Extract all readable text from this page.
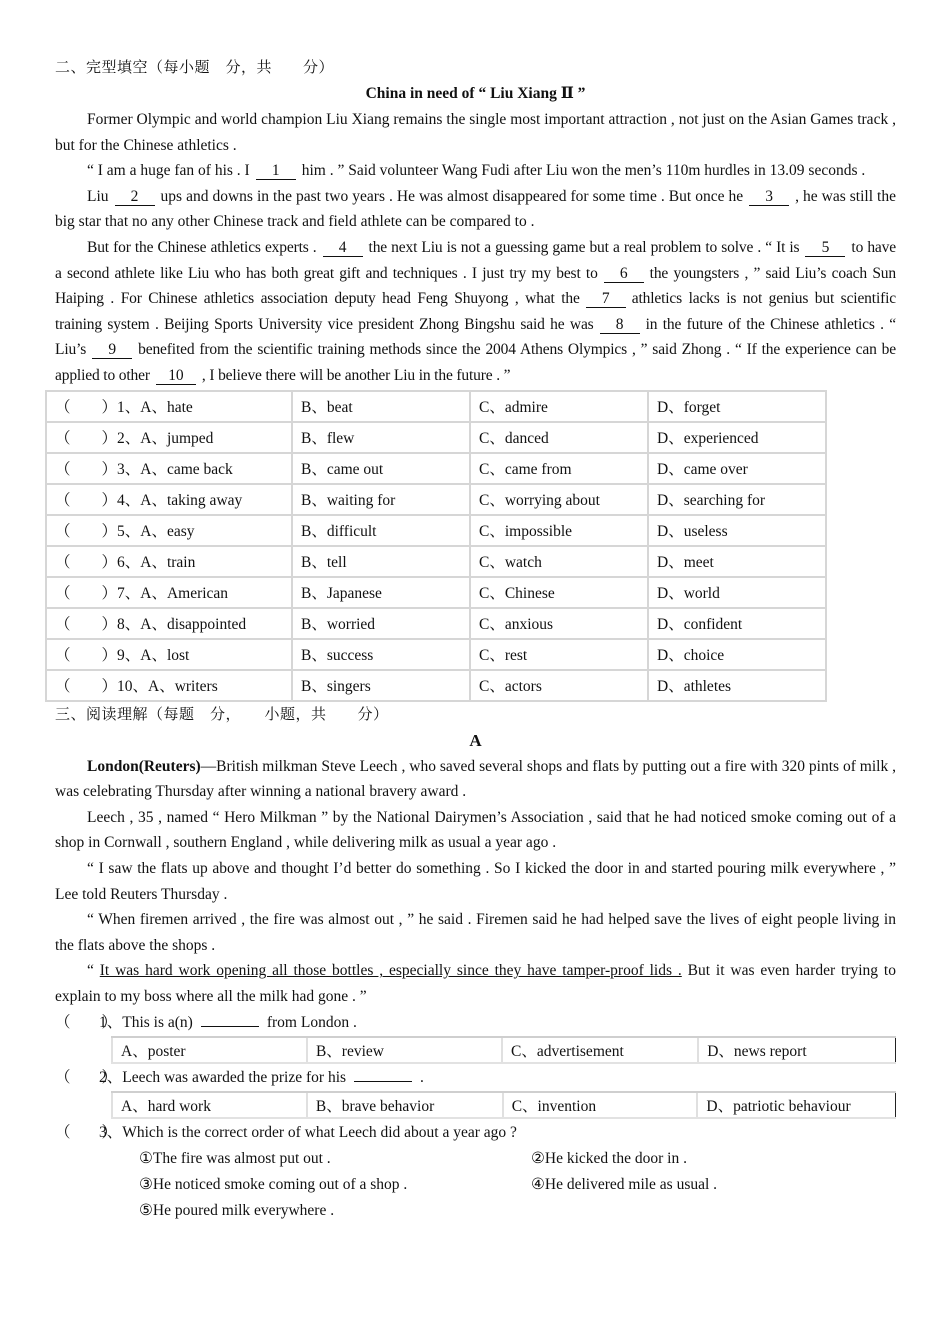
二、完型填空（每小题　分，共　　分）
China in need of “ Liu Xiang Ⅱ ”

Former Olympic and world champion Liu Xiang remains the single most important attraction , not just on the Asian Games track , but for the Chinese athletics .

“ I am a huge fan of his . I 1 him . ” Said volunteer Wang Fudi after Liu won the men’s 110m hurdles in 13.09 seconds .

Liu 2 ups and downs in the past two years . He was almost disappeared for some time . But once he 3 , he was still the big star that no any other Chinese track and field athlete can be compared to .

But for the Chinese athletics experts . 4 the next Liu is not a guessing game but a real problem to solve . “ It is 5 to have a second athlete like Liu who has both great gift and techniques . I just try my best to 6 the youngsters , ” said Liu’s coach Sun Haiping . For Chinese athletics association deputy head Feng Shuyong , what the 7 athletics lacks is not genius but scientific training system . Beijing Sports University vice president Zhong Bingshu said he was 8 in the future of the Chinese athletics . “ Liu’s 9 benefited from the scientific training methods since the 2004 Athens Olympics , ” said Zhong . “ If the experience can be applied to other 10 , I believe there will be another Liu in the future . ”

（　　）1、A、hate	B、beat	C、admire	D、forget
（　　）2、A、jumped	B、flew	C、danced	D、experienced
（　　）3、A、came back	B、came out	C、came from	D、came over
（　　）4、A、taking away	B、waiting for	C、worrying about	D、searching for
（　　）5、A、easy	B、difficult	C、impossible	D、useless
（　　）6、A、train	B、tell	C、watch	D、meet
（　　）7、A、American	B、Japanese	C、Chinese	D、world
（　　）8、A、disappointed	B、worried	C、anxious	D、confident
（　　）9、A、lost	B、success	C、rest	D、choice
（　　）10、A、writers	B、singers	C、actors	D、athletes
三、阅读理解（每题　分，　　小题，共　　分）
A

London(Reuters)—British milkman Steve Leech , who saved several shops and flats by putting out a fire with 320 pints of milk , was celebrating Thursday after winning a national bravery award .

Leech , 35 , named “ Hero Milkman ” by the National Dairymen’s Association , said that he had noticed smoke coming out of a shop in Cornwall , southern England , while delivering milk as usual a year ago .

“ I saw the flats up above and thought I’d better do something . So I kicked the door in and started pouring milk everywhere , ” Lee told Reuters Thursday .

“ When firemen arrived , the fire was almost out , ” he said . Firemen said he had helped save the lives of eight people living in the flats above the shops .

“ It was hard work opening all those bottles , especially since they have tamper-proof lids . But it was even harder trying to explain to my boss where all the milk had gone . ”

（　　）1、This is a(n)	from London .
A、poster	B、review	C、advertisement	D、news report
（　　）2、Leech was awarded the prize for his	.
A、hard work	B、brave behavior	C、invention	D、patriotic behaviour
（　　）3、Which is the correct order of what Leech did about a year ago ?
①The fire was almost put out .	②He kicked the door in .
③He noticed smoke coming out of a shop .	④He delivered mile as usual .
⑤He poured milk everywhere .
